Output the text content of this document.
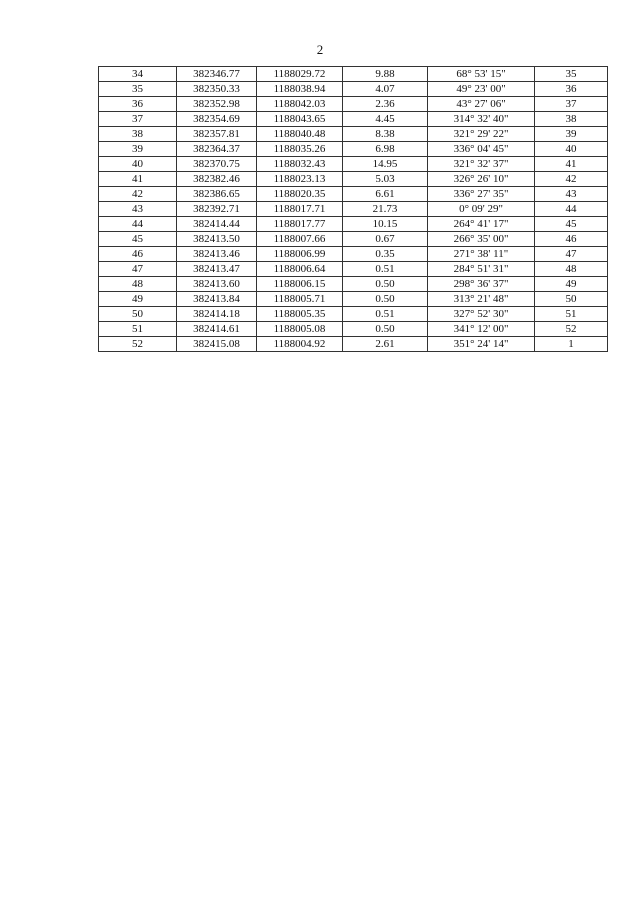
2
34	382346.77	1188029.72	9.88	68° 53' 15"	35
35	382350.33	1188038.94	4.07	49° 23' 00"	36
36	382352.98	1188042.03	2.36	43° 27' 06"	37
37	382354.69	1188043.65	4.45	314° 32' 40"	38
38	382357.81	1188040.48	8.38	321° 29' 22"	39
39	382364.37	1188035.26	6.98	336° 04' 45"	40
40	382370.75	1188032.43	14.95	321° 32' 37"	41
41	382382.46	1188023.13	5.03	326° 26' 10"	42
42	382386.65	1188020.35	6.61	336° 27' 35"	43
43	382392.71	1188017.71	21.73	0° 09' 29"	44
44	382414.44	1188017.77	10.15	264° 41' 17"	45
45	382413.50	1188007.66	0.67	266° 35' 00"	46
46	382413.46	1188006.99	0.35	271° 38' 11"	47
47	382413.47	1188006.64	0.51	284° 51' 31"	48
48	382413.60	1188006.15	0.50	298° 36' 37"	49
49	382413.84	1188005.71	0.50	313° 21' 48"	50
50	382414.18	1188005.35	0.51	327° 52' 30"	51
51	382414.61	1188005.08	0.50	341° 12' 00"	52
52	382415.08	1188004.92	2.61	351° 24' 14"	1
